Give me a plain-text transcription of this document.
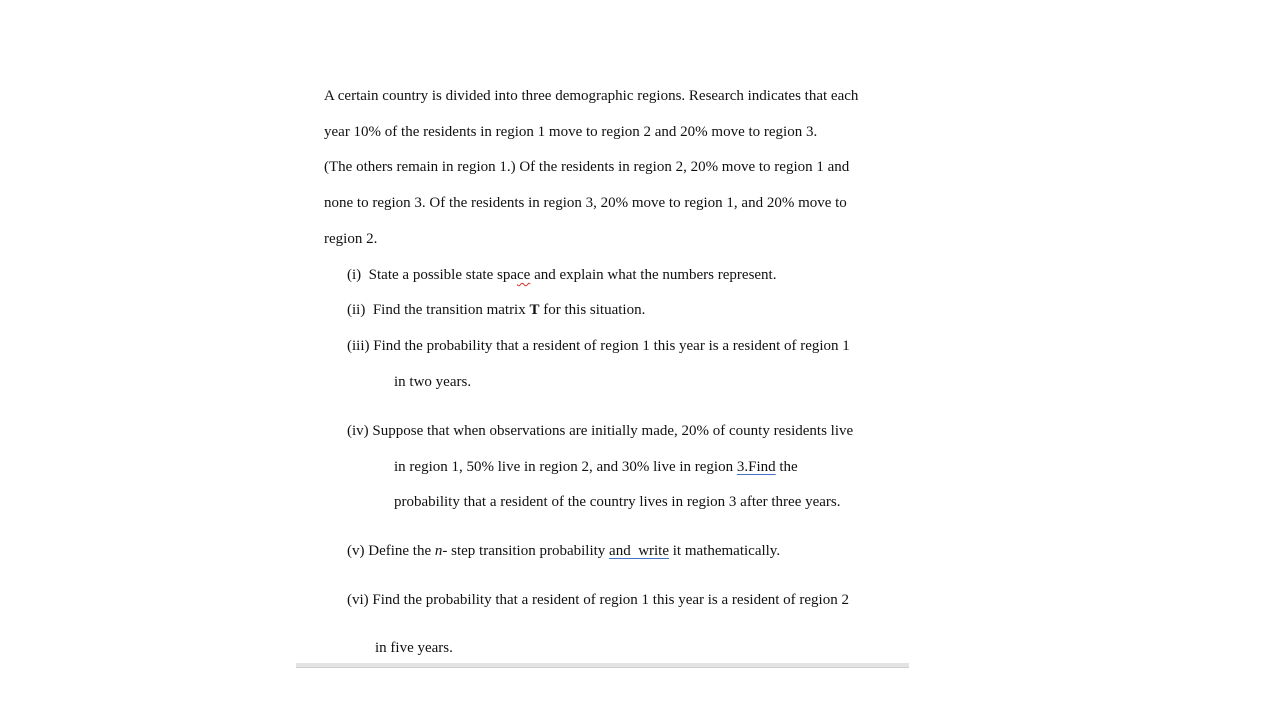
A certain country is divided into three demographic regions. Research indicates that each

year 10% of the residents in region 1 move to region 2 and 20% move to region 3.

(The others remain in region 1.) Of the residents in region 2, 20% move to region 1 and

none to region 3. Of the residents in region 3, 20% move to region 1, and 20% move to

region 2.

(i) State a possible state space and explain what the numbers represent.

(ii) Find the transition matrix T for this situation.

(iii) Find the probability that a resident of region 1 this year is a resident of region 1

in two years.

(iv) Suppose that when observations are initially made, 20% of county residents live

in region 1, 50% live in region 2, and 30% live in region 3.Find the

probability that a resident of the country lives in region 3 after three years.

(v) Define the n- step transition probability and  write it mathematically.

(vi) Find the probability that a resident of region 1 this year is a resident of region 2

in five years.
